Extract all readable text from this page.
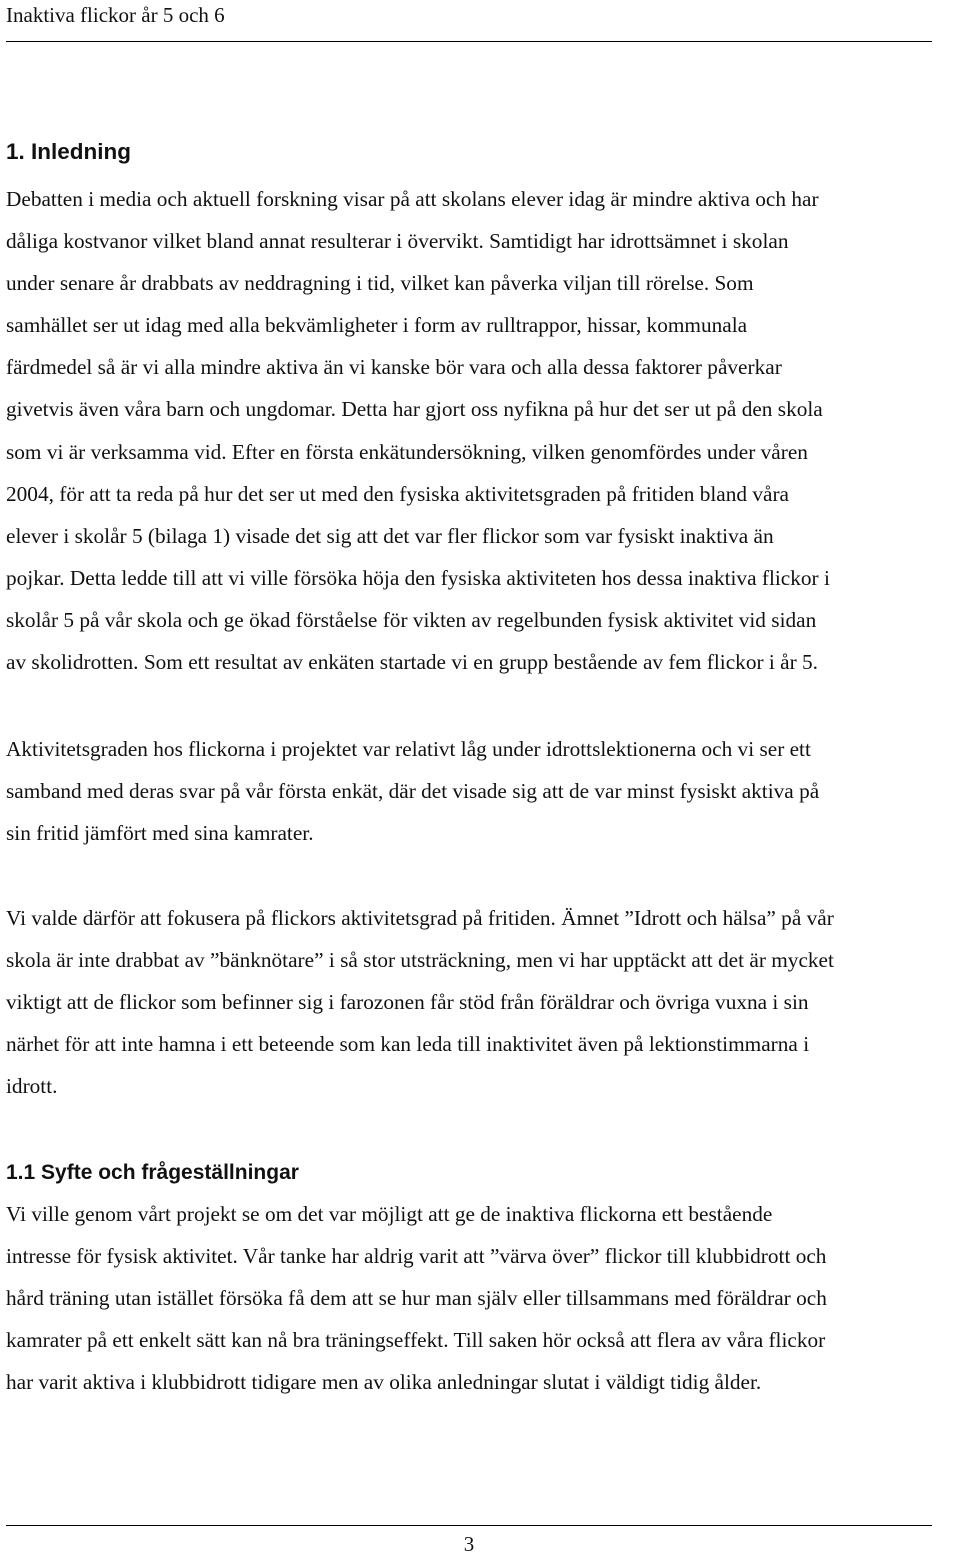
Inaktiva flickor år 5 och 6
1. Inledning
Debatten i media och aktuell forskning visar på att skolans elever idag är mindre aktiva och har
dåliga kostvanor vilket bland annat resulterar i övervikt. Samtidigt har idrottsämnet i skolan
under senare år drabbats av neddragning i tid, vilket kan påverka viljan till rörelse. Som
samhället ser ut idag med alla bekvämligheter i form av rulltrappor, hissar, kommunala
färdmedel så är vi alla mindre aktiva än vi kanske bör vara och alla dessa faktorer påverkar
givetvis även våra barn och ungdomar. Detta har gjort oss nyfikna på hur det ser ut på den skola
som vi är verksamma vid. Efter en första enkätundersökning, vilken genomfördes under våren
2004, för att ta reda på hur det ser ut med den fysiska aktivitetsgraden på fritiden bland våra
elever i skolår 5 (bilaga 1) visade det sig att det var fler flickor som var fysiskt inaktiva än
pojkar. Detta ledde till att vi ville försöka höja den fysiska aktiviteten hos dessa inaktiva flickor i
skolår 5 på vår skola och ge ökad förståelse för vikten av regelbunden fysisk aktivitet vid sidan
av skolidrotten. Som ett resultat av enkäten startade vi en grupp bestående av fem flickor i år 5.
Aktivitetsgraden hos flickorna i projektet var relativt låg under idrottslektionerna och vi ser ett
samband med deras svar på vår första enkät, där det visade sig att de var minst fysiskt aktiva på
sin fritid jämfört med sina kamrater.
Vi valde därför att fokusera på flickors aktivitetsgrad på fritiden. Ämnet ”Idrott och hälsa” på vår
skola är inte drabbat av ”bänknötare” i så stor utsträckning, men vi har upptäckt att det är mycket
viktigt att de flickor som befinner sig i farozonen får stöd från föräldrar och övriga vuxna i sin
närhet för att inte hamna i ett beteende som kan leda till inaktivitet även på lektionstimmarna i
idrott.
1.1 Syfte och frågeställningar
Vi ville genom vårt projekt se om det var möjligt att ge de inaktiva flickorna ett bestående
intresse för fysisk aktivitet. Vår tanke har aldrig varit att ”värva över” flickor till klubbidrott och
hård träning utan istället försöka få dem att se hur man själv eller tillsammans med föräldrar och
kamrater på ett enkelt sätt kan nå bra träningseffekt. Till saken hör också att flera av våra flickor
har varit aktiva i klubbidrott tidigare men av olika anledningar slutat i väldigt tidig ålder.
3
